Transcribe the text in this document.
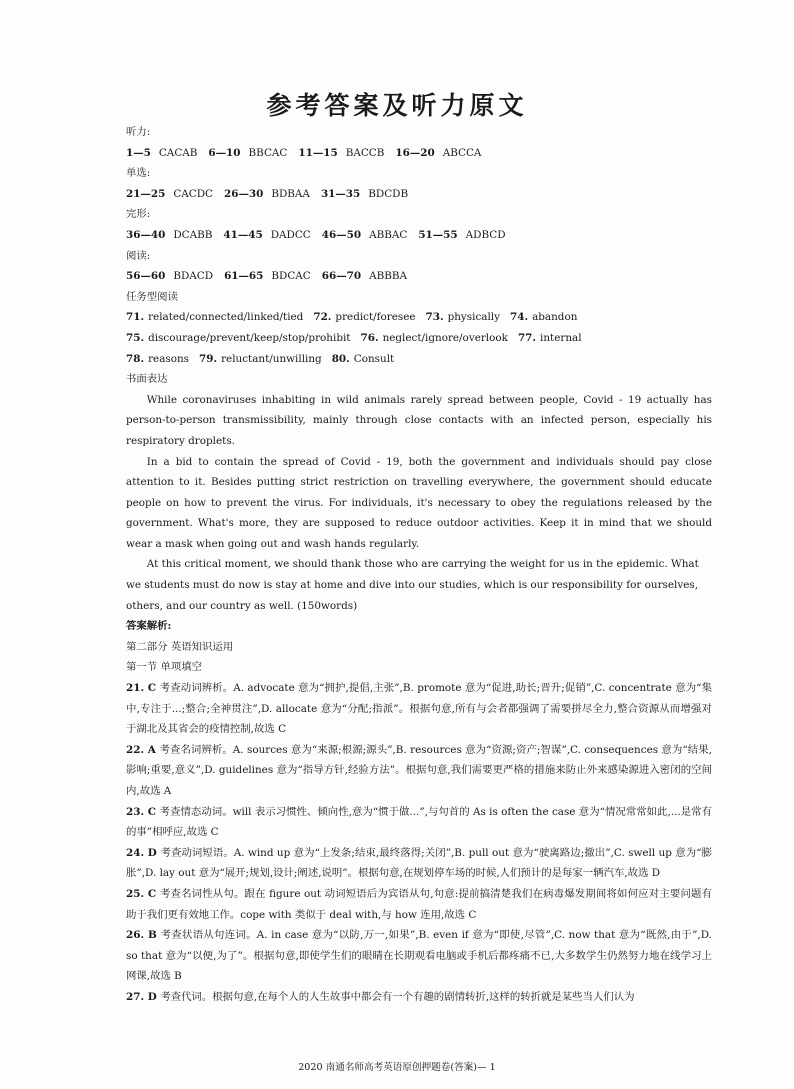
参考答案及听力原文

听力:

1—5 CACAB 6—10 BBCAC 11—15 BACCB 16—20 ABCCA

单选:

21—25 CACDC 26—30 BDBAA 31—35 BDCDB

完形:

36—40 DCABB 41—45 DADCC 46—50 ABBAC 51—55 ADBCD

阅读:

56—60 BDACD 61—65 BDCAC 66—70 ABBBA

任务型阅读

71. related/connected/linked/tied 72. predict/foresee 73. physically 74. abandon

75. discourage/prevent/keep/stop/prohibit 76. neglect/ignore/overlook 77. internal

78. reasons 79. reluctant/unwilling 80. Consult

书面表达

While coronaviruses inhabiting in wild animals rarely spread between people, Covid - 19 actually has person-to-person transmissibility, mainly through close contacts with an infected person, especially his respiratory droplets.

In a bid to contain the spread of Covid - 19, both the government and individuals should pay close attention to it. Besides putting strict restriction on travelling everywhere, the government should educate people on how to prevent the virus. For individuals, it's necessary to obey the regulations released by the government. What's more, they are supposed to reduce outdoor activities. Keep it in mind that we should wear a mask when going out and wash hands regularly.

At this critical moment, we should thank those who are carrying the weight for us in the epidemic. What we students must do now is stay at home and dive into our studies, which is our responsibility for ourselves, others, and our country as well. (150words)

答案解析:

第二部分 英语知识运用

第一节 单项填空

21. C 考查动词辨析。A. advocate 意为“拥护,提倡,主张”,B. promote 意为“促进,助长;晋升;促销”,C. concentrate 意为“集中,专注于...;整合;全神贯注”,D. allocate 意为“分配;指派”。根据句意,所有与会者都强调了需要拼尽全力,整合资源从而增强对于湖北及其省会的疫情控制,故选 C

22. A 考查名词辨析。A. sources 意为“来源;根源;源头”,B. resources 意为“资源;资产;智谋”,C. consequences 意为“结果,影响;重要,意义”,D. guidelines 意为“指导方针,经验方法”。根据句意,我们需要更严格的措施来防止外来感染源进入密闭的空间内,故选 A

23. C 考查情态动词。will 表示习惯性、倾向性,意为“惯于做...”,与句首的 As is often the case 意为“情况常常如此,...是常有的事”相呼应,故选 C

24. D 考查动词短语。A. wind up 意为“上发条;结束,最终落得;关闭”,B. pull out 意为“驶离路边;撤出”,C. swell up 意为“膨胀”,D. lay out 意为“展开;规划,设计;阐述,说明”。根据句意,在规划停车场的时候,人们预计的是每家一辆汽车,故选 D

25. C 考查名词性从句。跟在 figure out 动词短语后为宾语从句,句意:提前搞清楚我们在病毒爆发期间将如何应对主要问题有助于我们更有效地工作。cope with 类似于 deal with,与 how 连用,故选 C

26. B 考查状语从句连词。A. in case 意为“以防,万一,如果”,B. even if 意为“即使,尽管”,C. now that 意为“既然,由于”,D. so that 意为“以便,为了”。根据句意,即使学生们的眼睛在长期观看电脑或手机后都疼痛不已,大多数学生仍然努力地在线学习上网课,故选 B

27. D 考查代词。根据句意,在每个人的人生故事中都会有一个有趣的剧情转折,这样的转折就是某些当人们认为

2020 南通名师高考英语原创押题卷(答案)— 1
